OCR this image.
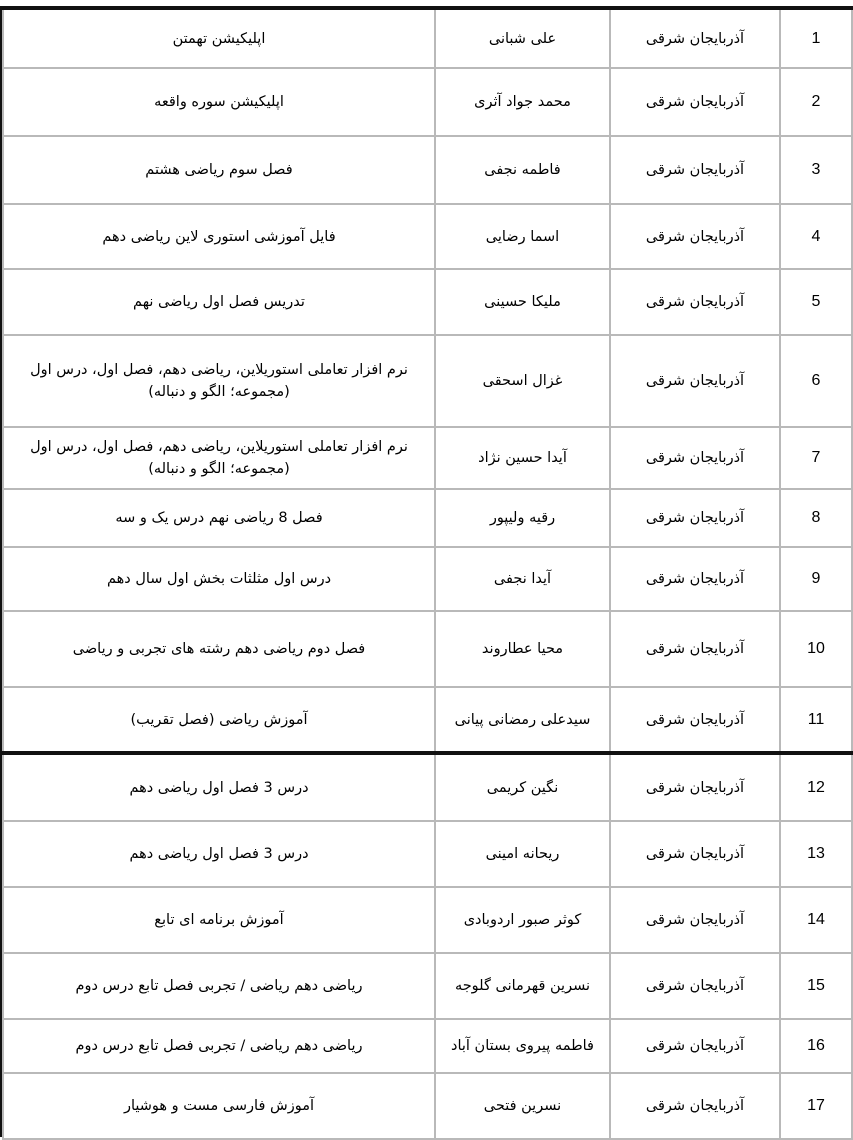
1	آذربایجان شرقی	علی شبانی	اپلیکیشن تهمتن
2	آذربایجان شرقی	محمد جواد آثری	اپلیکیشن سوره واقعه
3	آذربایجان شرقی	فاطمه نجفی	فصل سوم ریاضی هشتم
4	آذربایجان شرقی	اسما رضایی	فایل آموزشی استوری لاین ریاضی دهم
5	آذربایجان شرقی	ملیکا حسینی	تدریس فصل اول ریاضی نهم
6	آذربایجان شرقی	غزال اسحقی	نرم افزار تعاملی استوریلاین، ریاضی دهم، فصل اول، درس اول (مجموعه؛ الگو و دنباله)
7	آذربایجان شرقی	آیدا حسین نژاد	نرم افزار تعاملی استوریلاین، ریاضی دهم، فصل اول، درس اول (مجموعه؛ الگو و دنباله)
8	آذربایجان شرقی	رقیه ولیپور	فصل 8 ریاضی نهم درس یک و سه
9	آذربایجان شرقی	آیدا نجفی	درس اول مثلثات بخش اول سال دهم
10	آذربایجان شرقی	محیا عطاروند	فصل دوم ریاضی دهم رشته های تجربی و ریاضی
11	آذربایجان شرقی	سیدعلی رمضانی پیانی	آموزش ریاضی (فصل تقریب)
12	آذربایجان شرقی	نگین کریمی	درس 3 فصل اول ریاضی دهم
13	آذربایجان شرقی	ریحانه امینی	درس 3 فصل اول ریاضی دهم
14	آذربایجان شرقی	کوثر صبور اردوبادی	آموزش برنامه ای تابع
15	آذربایجان شرقی	نسرین قهرمانی گلوجه	ریاضی دهم ریاضی / تجربی فصل تابع درس دوم
16	آذربایجان شرقی	فاطمه پیروی بستان آباد	ریاضی دهم ریاضی / تجربی فصل تابع درس دوم
17	آذربایجان شرقی	نسرین فتحی	آموزش فارسی مست و هوشیار
